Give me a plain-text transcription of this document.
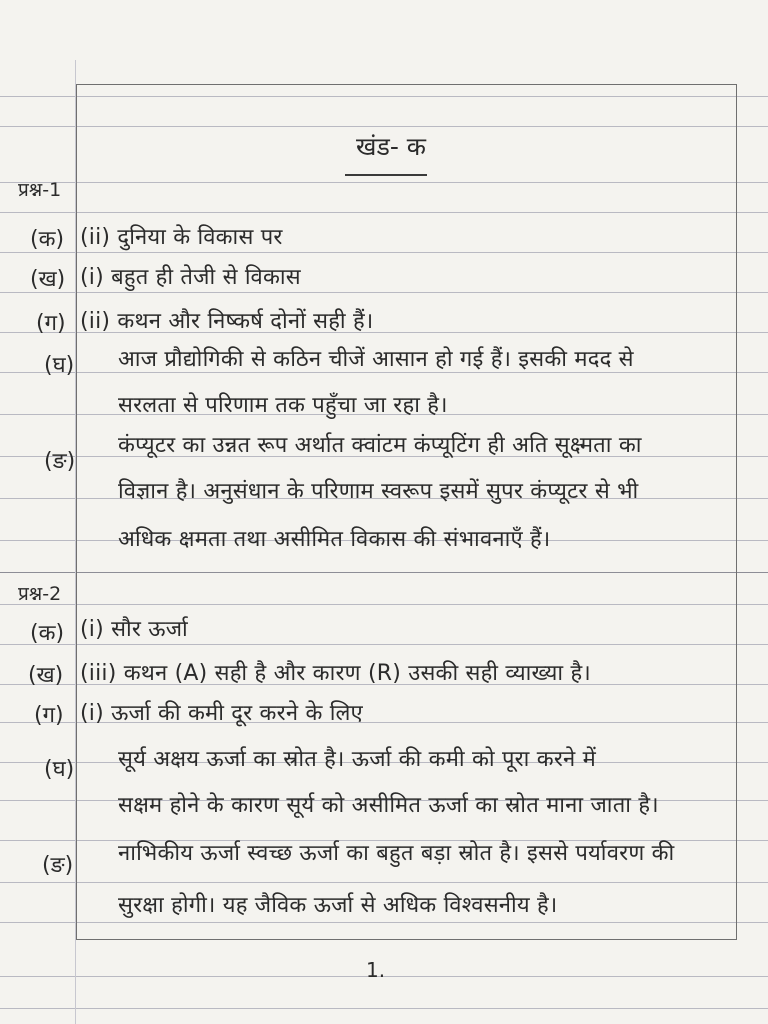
खंड- क
प्रश्न-1
(क) (ii) दुनिया के विकास पर
(ख) (i) बहुत ही तेजी से विकास
(ग) (ii) कथन और निष्कर्ष दोनों सही हैं।
(घ) आज प्रौद्योगिकी से कठिन चीजें आसान हो गई हैं। इसकी मदद से
सरलता से परिणाम तक पहुँचा जा रहा है।
(ङ)
कंप्यूटर का उन्नत रूप अर्थात क्वांटम कंप्यूटिंग ही अति सूक्ष्मता का
विज्ञान है। अनुसंधान के परिणाम स्वरूप इसमें सुपर कंप्यूटर से भी
अधिक क्षमता तथा असीमित विकास की संभावनाएँ हैं।
प्रश्न-2
(क) (i) सौर ऊर्जा
(ख) (iii) कथन (A) सही है और कारण (R) उसकी सही व्याख्या है।
(ग) (i) ऊर्जा की कमी दूर करने के लिए
(घ) सूर्य अक्षय ऊर्जा का स्रोत है। ऊर्जा की कमी को पूरा करने में
सक्षम होने के कारण सूर्य को असीमित ऊर्जा का स्रोत माना जाता है।
(ङ) नाभिकीय ऊर्जा स्वच्छ ऊर्जा का बहुत बड़ा स्रोत है। इससे पर्यावरण की
सुरक्षा होगी। यह जैविक ऊर्जा से अधिक विश्वसनीय है।
1.
